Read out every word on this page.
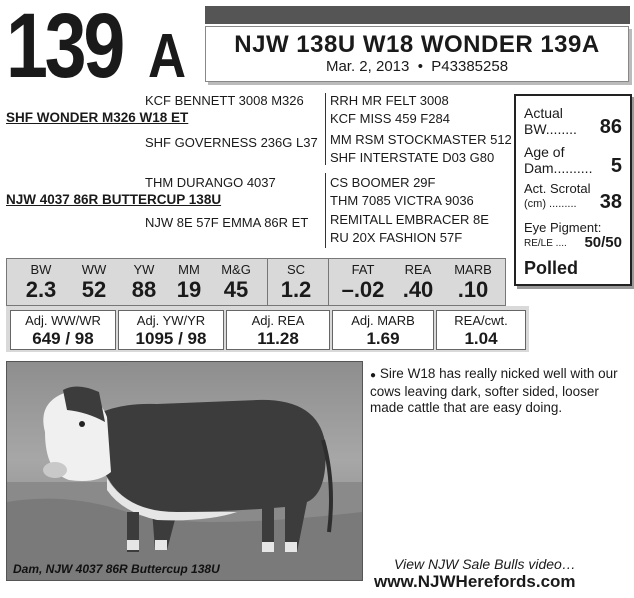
139 A	NJW 138U W18 WONDER 139A
Mar. 2, 2013 • P43385258
KCF BENNETT 3008 M326
SHF WONDER M326 W18 ET
SHF GOVERNESS 236G L37
RRH MR FELT 3008
KCF MISS 459 F284
MM RSM STOCKMASTER 512
SHF INTERSTATE D03 G80
THM DURANGO 4037
NJW 4037 86R BUTTERCUP 138U
NJW 8E 57F EMMA 86R ET
CS BOOMER 29F
THM 7085 VICTRA 9036
REMITALL EMBRACER 8E
RU 20X FASHION 57F
Actual
BW........ 86
Age of
Dam.......... 5
Act. Scrotal
(cm) ......... 38
Eye Pigment:
RE/LE .... 50/50
Polled
BW
2.3
WW
52
YW
88
MM
19
M&G
45
SC
1.2
FAT
–.02
REA
.40
MARB
.10
Adj. WW/WR
649 / 98
Adj. YW/YR
1095 / 98
Adj. REA
11.28
Adj. MARB
1.69
REA/cwt.
1.04
Dam, NJW 4037 86R Buttercup 138U
● Sire W18 has really nicked well with our cows leaving dark, softer sided, looser made cattle that are easy doing.
View NJW Sale Bulls video…
www.NJWHerefords.com
